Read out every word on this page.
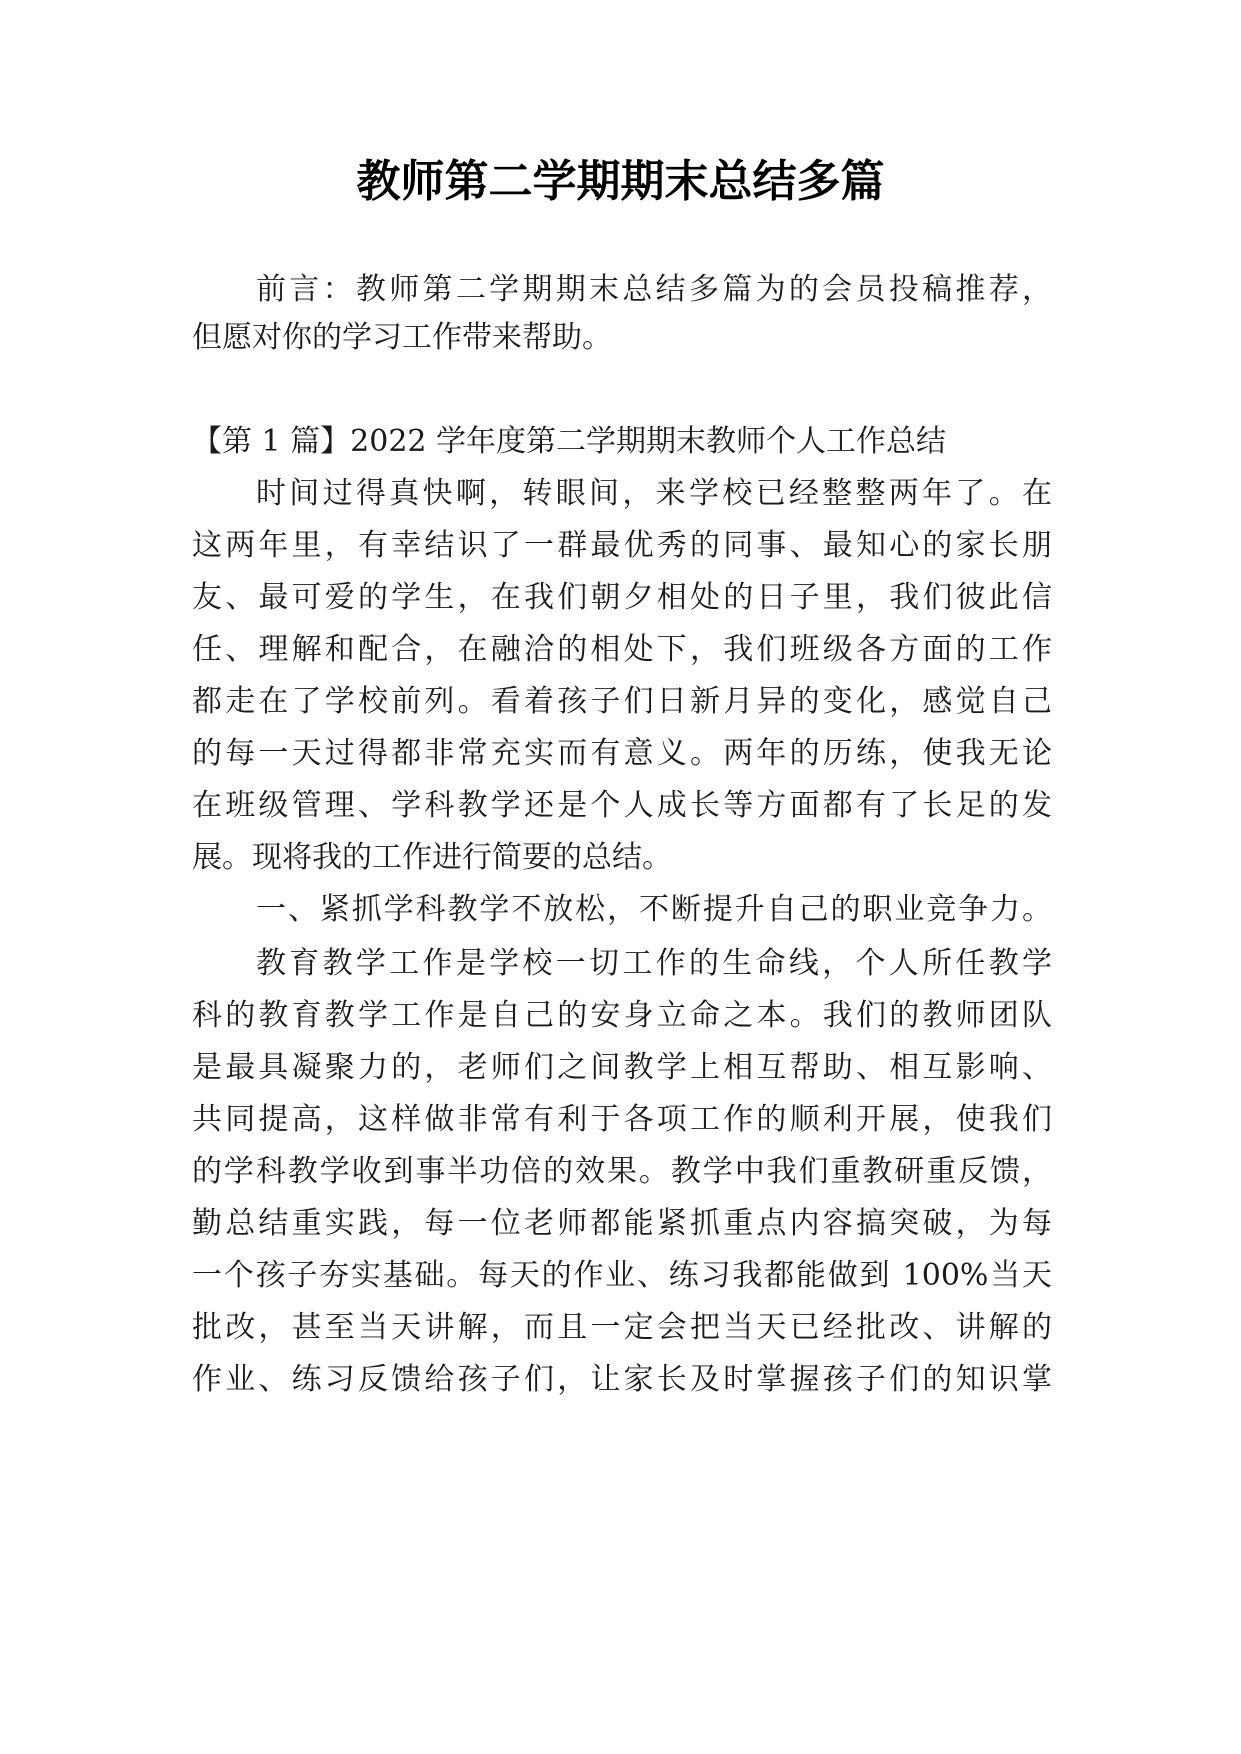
教师第二学期期末总结多篇
前言：教师第二学期期末总结多篇为的会员投稿推荐，
但愿对你的学习工作带来帮助。
【第 1 篇】2022 学年度第二学期期末教师个人工作总结
时间过得真快啊，转眼间，来学校已经整整两年了。在
这两年里，有幸结识了一群最优秀的同事、最知心的家长朋
友、最可爱的学生，在我们朝夕相处的日子里，我们彼此信
任、理解和配合，在融洽的相处下，我们班级各方面的工作
都走在了学校前列。看着孩子们日新月异的变化，感觉自己
的每一天过得都非常充实而有意义。两年的历练，使我无论
在班级管理、学科教学还是个人成长等方面都有了长足的发
展。现将我的工作进行简要的总结。
一、紧抓学科教学不放松，不断提升自己的职业竞争力。
教育教学工作是学校一切工作的生命线，个人所任教学
科的教育教学工作是自己的安身立命之本。我们的教师团队
是最具凝聚力的，老师们之间教学上相互帮助、相互影响、
共同提高，这样做非常有利于各项工作的顺利开展，使我们
的学科教学收到事半功倍的效果。教学中我们重教研重反馈，
勤总结重实践，每一位老师都能紧抓重点内容搞突破，为每
一个孩子夯实基础。每天的作业、练习我都能做到 100%当天
批改，甚至当天讲解，而且一定会把当天已经批改、讲解的
作业、练习反馈给孩子们，让家长及时掌握孩子们的知识掌
